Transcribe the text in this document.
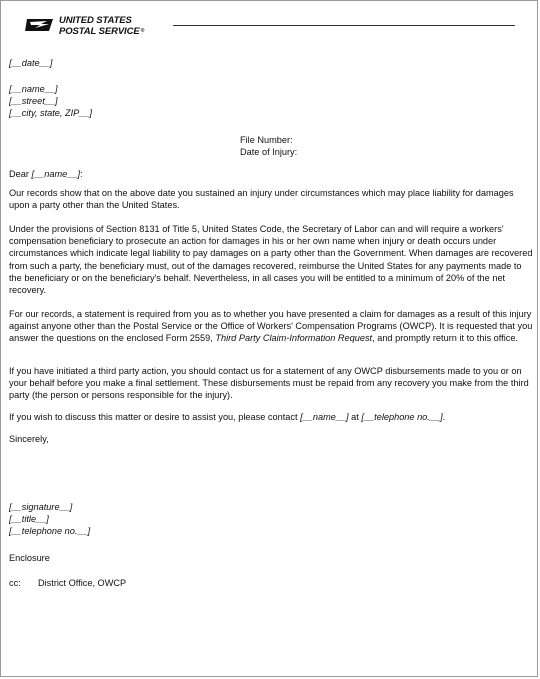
UNITED STATES
POSTAL SERVICE®
[__date__]
[__name__]
[__street__]
[__city, state, ZIP__]
File Number:
Date of Injury:
Dear [__name__]:

Our records show that on the above date you sustained an injury under circumstances which may place liability for damages upon a party other than the United States.

Under the provisions of Section 8131 of Title 5, United States Code, the Secretary of Labor can and will require a workers' compensation beneficiary to prosecute an action for damages in his or her own name when injury or death occurs under circumstances which indicate legal liability to pay damages on a party other than the Government. When damages are recovered from such a party, the beneficiary must, out of the damages recovered, reimburse the United States for any payments made to the beneficiary or on the beneficiary's behalf. Nevertheless, in all cases you will be entitled to a minimum of 20% of the net recovery.

For our records, a statement is required from you as to whether you have presented a claim for damages as a result of this injury against anyone other than the Postal Service or the Office of Workers' Compensation Programs (OWCP). It is requested that you answer the questions on the enclosed Form 2559, Third Party Claim-Information Request, and promptly return it to this office.

If you have initiated a third party action, you should contact us for a statement of any OWCP disbursements made to you or on your behalf before you make a final settlement. These disbursements must be repaid from any recovery you make from the third party (the person or persons responsible for the injury).

If you wish to discuss this matter or desire to assist you, please contact [__name__] at [__telephone no.__].

Sincerely,
[__signature__]
[__title__]
[__telephone no.__]
Enclosure
cc: District Office, OWCP
